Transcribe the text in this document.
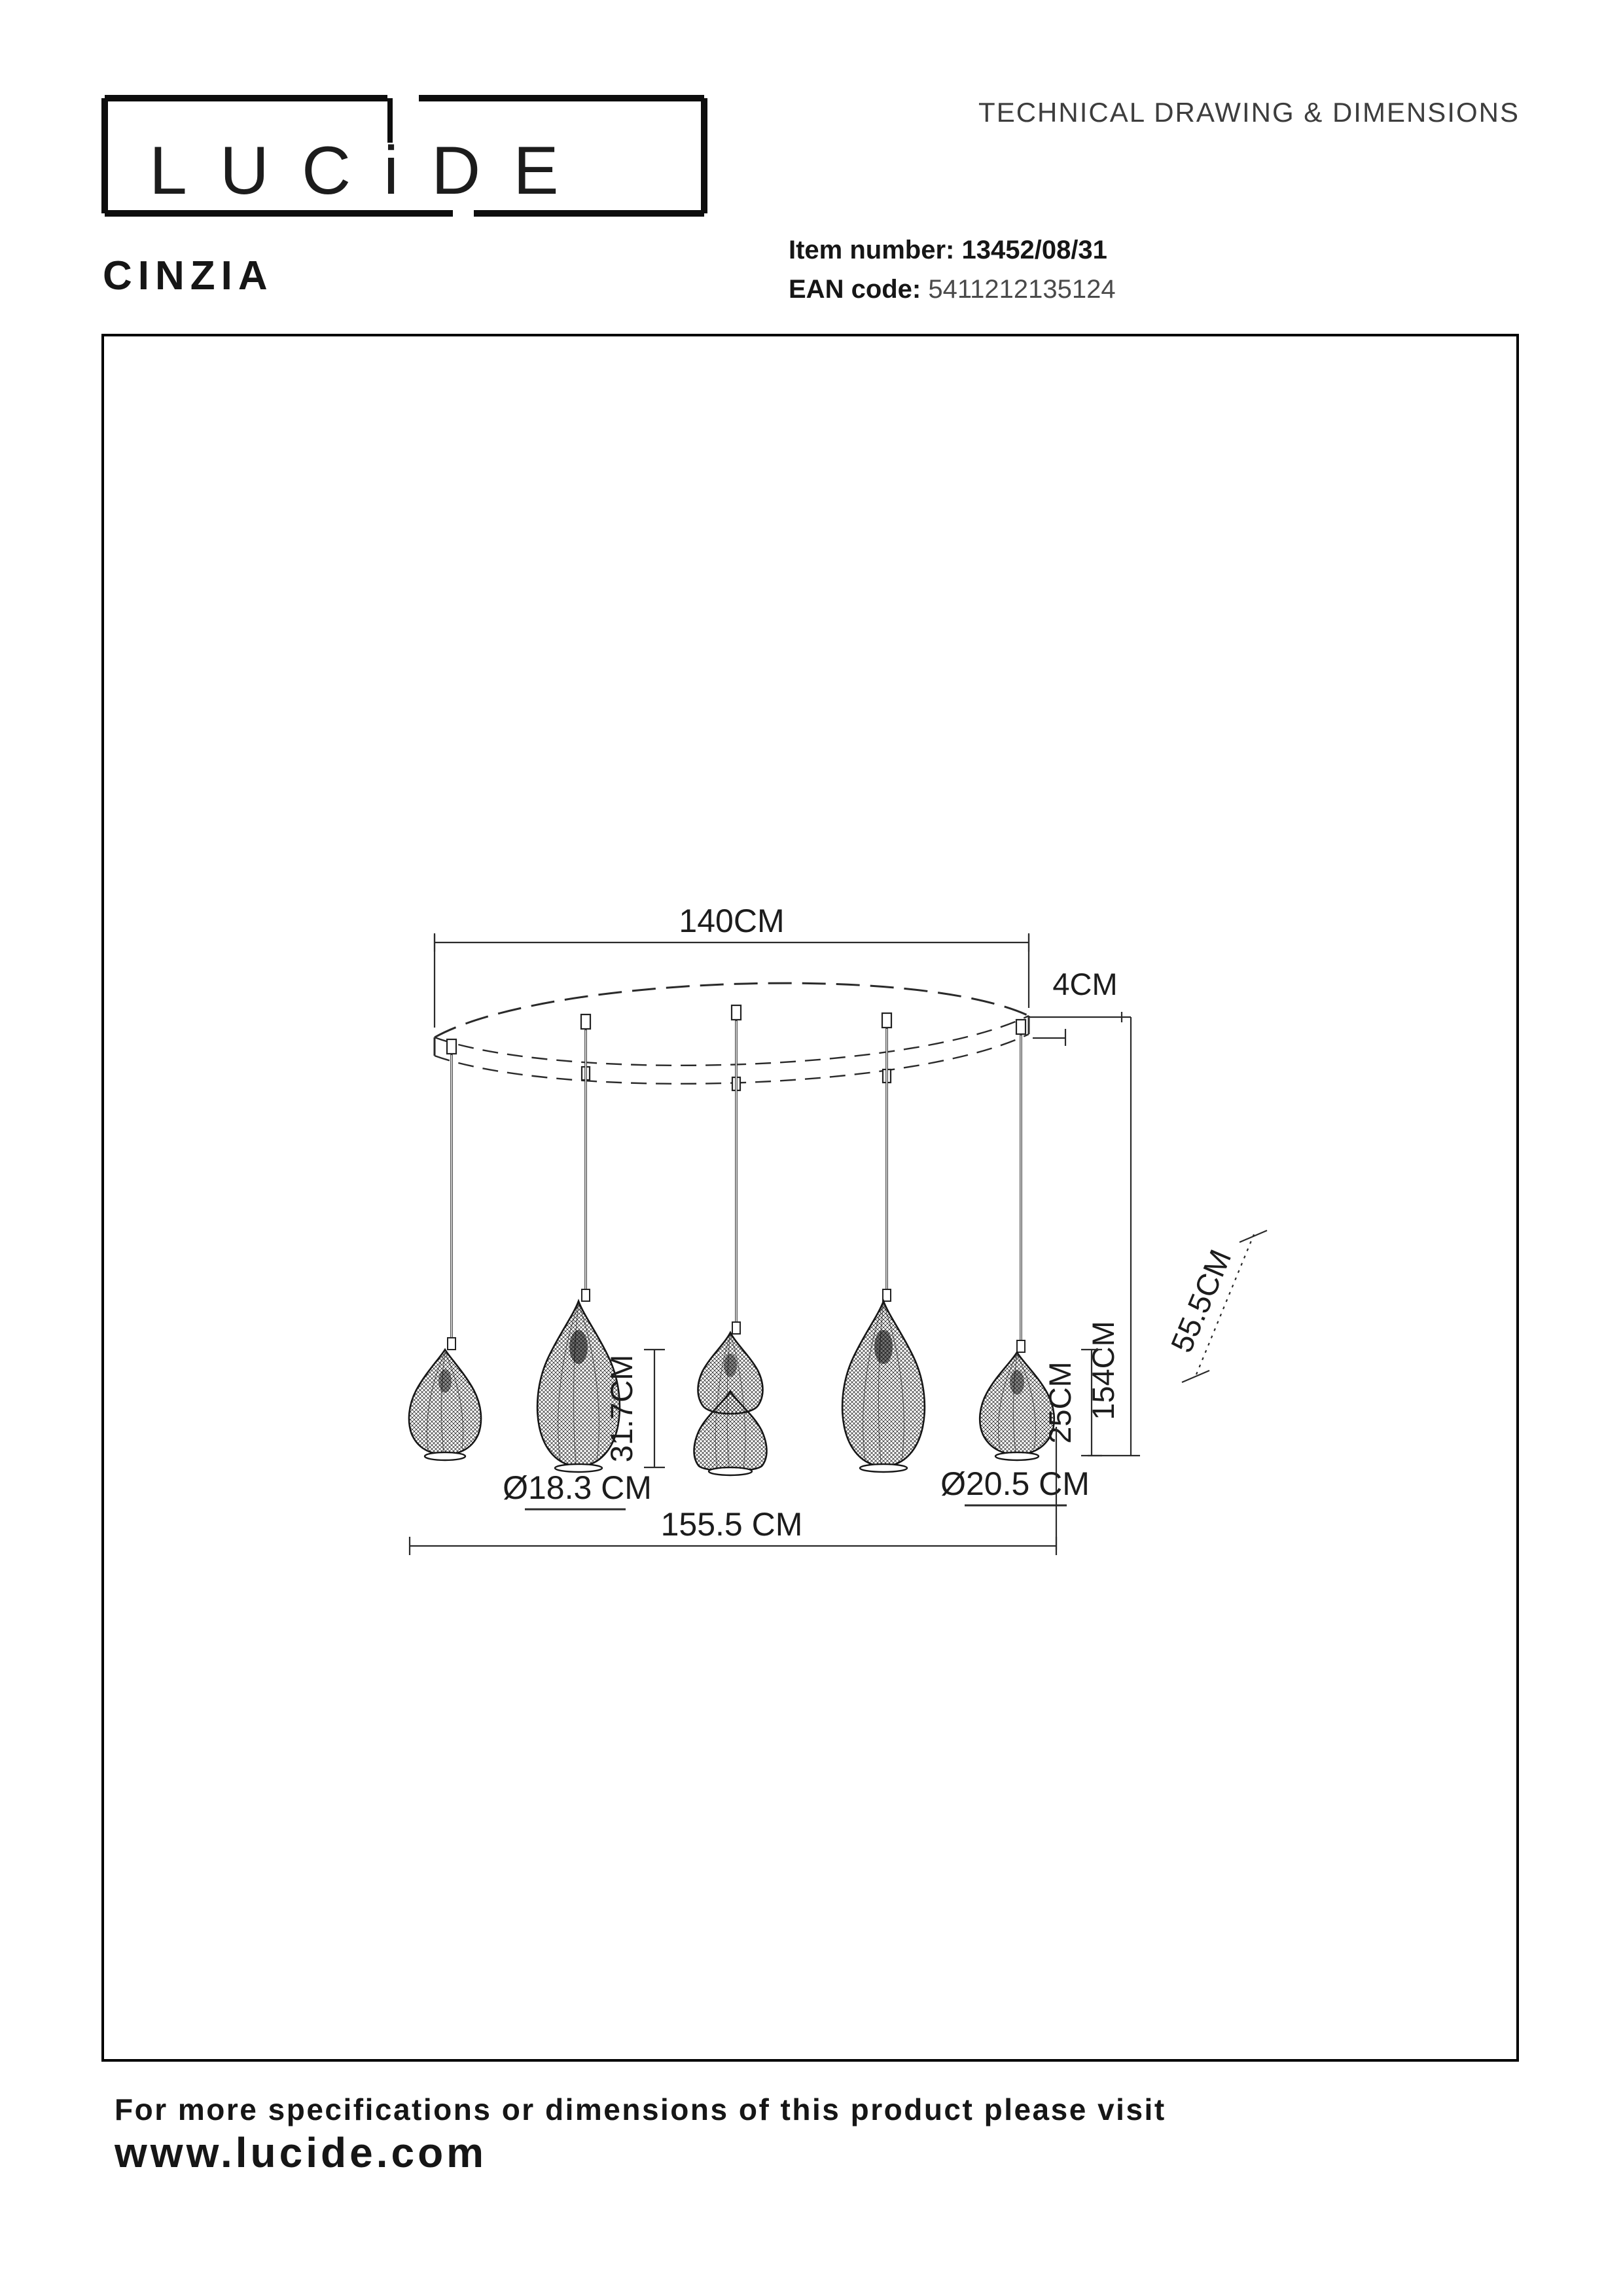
LUCiDE
TECHNICAL DRAWING & DIMENSIONS
CINZIA
Item number: 13452/08/31
EAN code: 5411212135124
140CM
4CM
154CM
55.5CM
31.7CM	25CM
Ø18.3 CM	Ø20.5 CM
155.5 CM
For more specifications or dimensions of this product please visit
www.lucide.com
